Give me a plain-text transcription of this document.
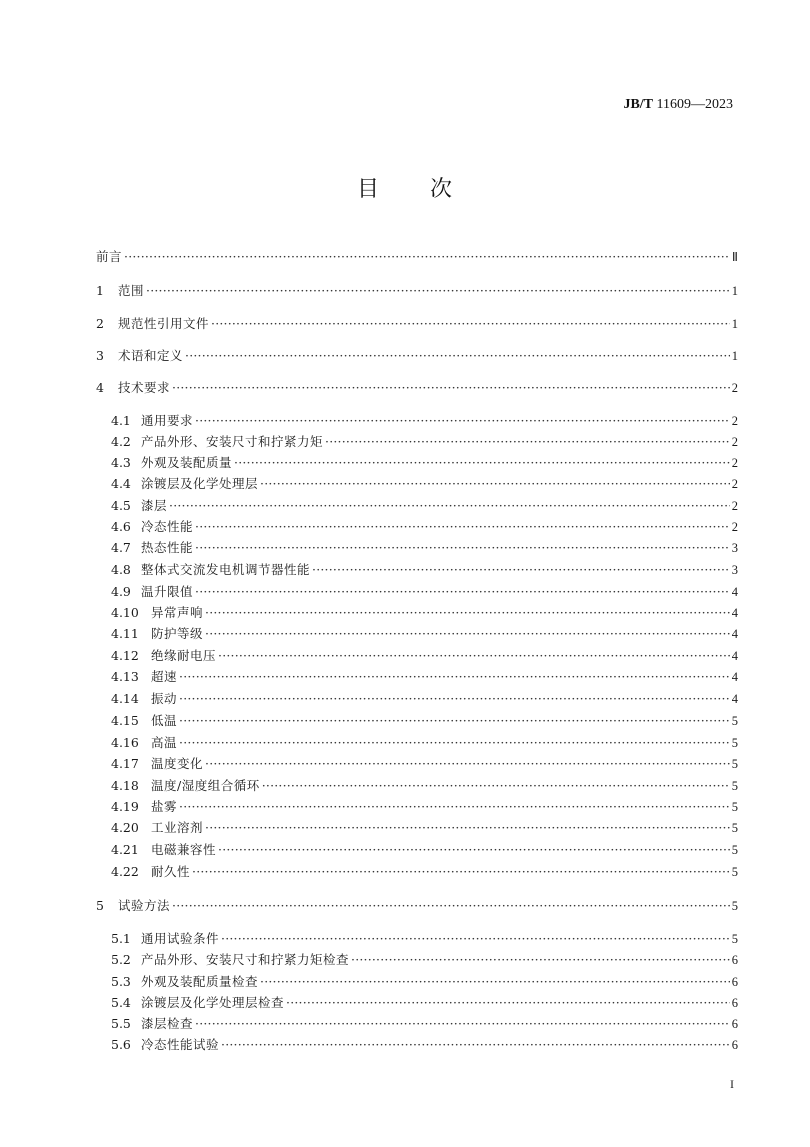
JB/T 11609—2023
目 次
前言 ·····	Ⅱ
1	范围 ·····	1
2	规范性引用文件 ·····	1
3	术语和定义 ·····	1
4	技术要求 ·····	2
4.1 通用要求 ·····	2
4.2 产品外形、安装尺寸和拧紧力矩 ·····	2
4.3 外观及装配质量 ·····	2
4.4 涂镀层及化学处理层 ·····	2
4.5 漆层 ·····	2
4.6 冷态性能 ·····	2
4.7 热态性能 ·····	3
4.8 整体式交流发电机调节器性能 ·····	3
4.9 温升限值 ·····	4
4.10 异常声响 ·····	4
4.11 防护等级 ·····	4
4.12 绝缘耐电压 ·····	4
4.13 超速 ·····	4
4.14 振动 ·····	4
4.15 低温 ·····	5
4.16 高温 ·····	5
4.17 温度变化 ·····	5
4.18 温度/湿度组合循环 ·····	5
4.19 盐雾 ·····	5
4.20 工业溶剂 ·····	5
4.21 电磁兼容性 ·····	5
4.22 耐久性 ·····	5
5	试验方法 ·····	5
5.1 通用试验条件 ·····	5
5.2 产品外形、安装尺寸和拧紧力矩检查 ·····	6
5.3 外观及装配质量检查 ·····	6
5.4 涂镀层及化学处理层检查 ·····	6
5.5 漆层检查 ·····	6
5.6 冷态性能试验 ·····	6
I
